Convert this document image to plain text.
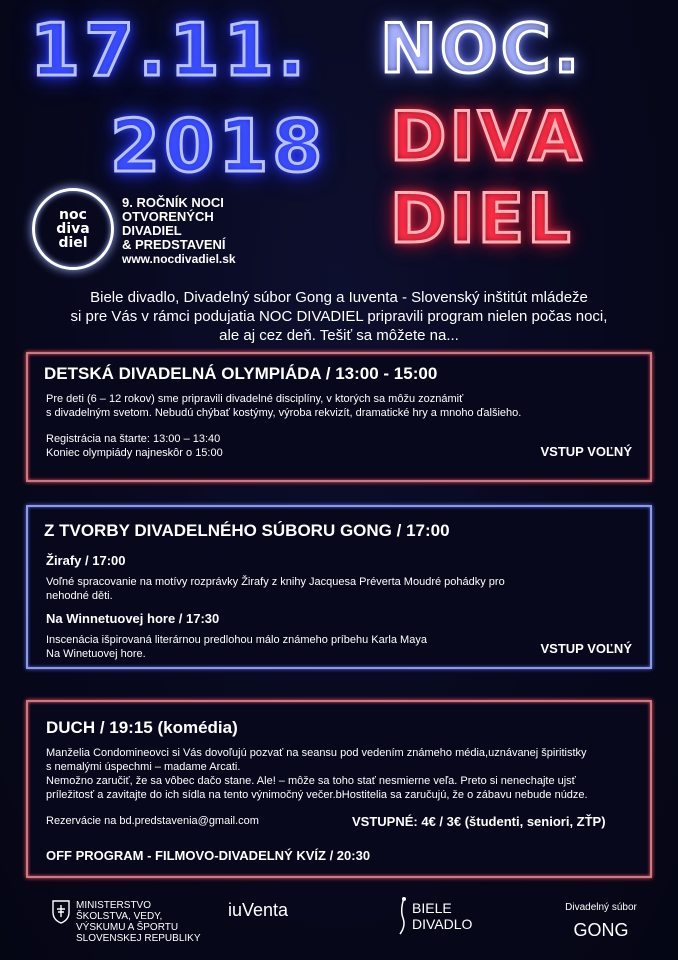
17.11.
2018
NOC.
DIVA
DIEL
noc
diva
diel
9. ROČNÍK NOCI
OTVORENÝCH
DIVADIEL
& PREDSTAVENÍ
www.nocdivadiel.sk
Biele divadlo, Divadelný súbor Gong a Iuventa - Slovenský inštitút mládeže
si pre Vás v rámci podujatia NOC DIVADIEL pripravili program nielen počas noci,
ale aj cez deň. Tešiť sa môžete na...
DETSKÁ DIVADELNÁ OLYMPIÁDA / 13:00 - 15:00
Pre deti (6 – 12 rokov) sme pripravili divadelné disciplíny, v ktorých sa môžu zoznámiť
s divadelným svetom. Nebudú chýbať kostýmy, výroba rekvizít, dramatické hry a mnoho ďalšieho.
Registrácia na štarte: 13:00 – 13:40
Koniec olympiády najneskôr o 15:00	VSTUP VOĽNÝ
Z TVORBY DIVADELNÉHO SÚBORU GONG / 17:00
Žirafy / 17:00
Voľné spracovanie na motívy rozprávky Žirafy z knihy Jacquesa Préverta Moudré pohádky pro
nehodné děti.
Na Winnetuovej hore / 17:30
Inscenácia išpirovaná literárnou predlohou málo známeho príbehu Karla Maya
Na Winetuovej hore.	VSTUP VOĽNÝ
DUCH / 19:15 (komédia)
Manželia Condomineovci si Vás dovoľujú pozvať na seansu pod vedením známeho média,uznávanej špiritistky
s nemalými úspechmi – madame Arcati.
Nemožno zaručiť, že sa vôbec dačo stane. Ale! – môže sa toho stať nesmierne veľa. Preto si nenechajte ujsť
príležitosť a zavitajte do ich sídla na tento výnimočný večer.bHostitelia sa zaručujú, že o zábavu nebude núdze.
Rezervácie na bd.predstavenia@gmail.com	VSTUPNÉ: 4€ / 3€ (študenti, seniori, ZŤP)
OFF PROGRAM - FILMOVO-DIVADELNÝ KVÍZ / 20:30
MINISTERSTVO
ŠKOLSTVA, VEDY,
VÝSKUMU A ŠPORTU
SLOVENSKEJ REPUBLIKY
iuVenta	BIELE
DIVADLO
Divadelný súbor
GONG
